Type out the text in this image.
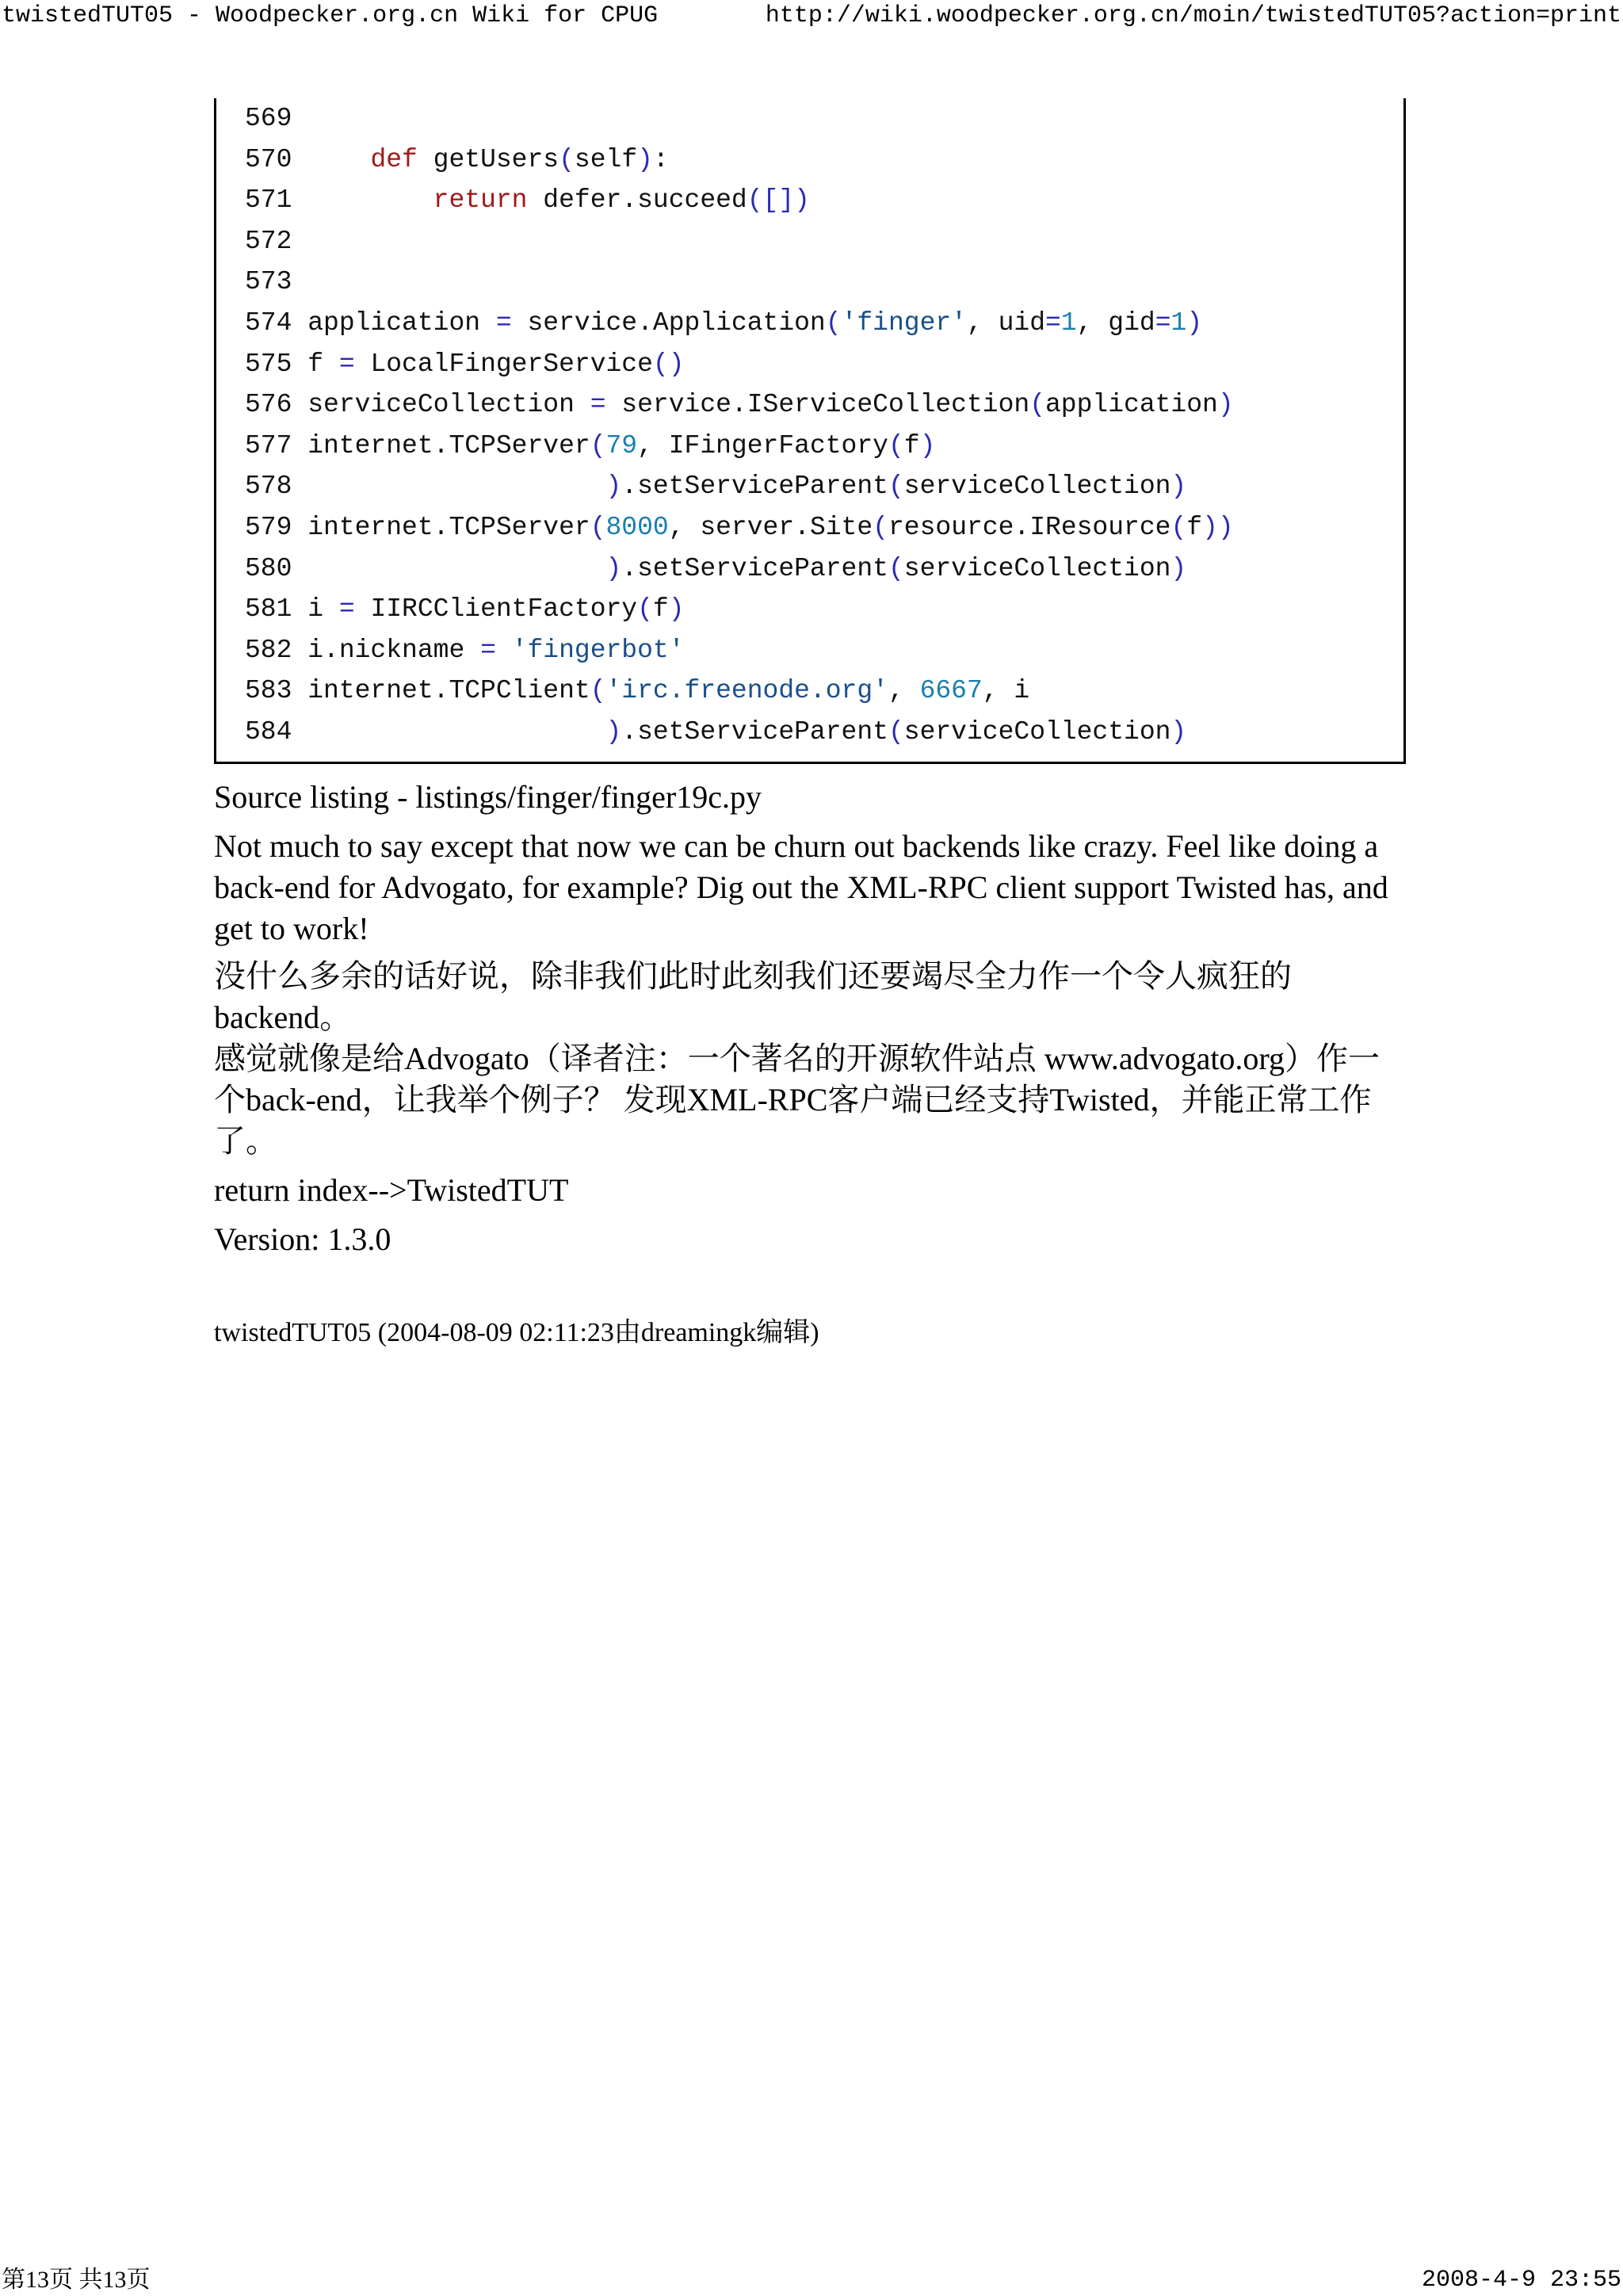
twistedTUT05 - Woodpecker.org.cn Wiki for CPUG	http://wiki.woodpecker.org.cn/moin/twistedTUT05?action=print
569
570     def getUsers(self):
571	return defer.succeed([])
572
573
574 application = service.Application('finger', uid=1, gid=1)
575 f = LocalFingerService()
576 serviceCollection = service.IServiceCollection(application)
577 internet.TCPServer(79, IFingerFactory(f)
578	).setServiceParent(serviceCollection)
579 internet.TCPServer(8000, server.Site(resource.IResource(f))
580	).setServiceParent(serviceCollection)
581 i = IIRCClientFactory(f)
582 i.nickname = 'fingerbot'
583 internet.TCPClient('irc.freenode.org', 6667, i
584	).setServiceParent(serviceCollection)
Source listing - listings/finger/finger19c.py
Not much to say except that now we can be churn out backends like crazy. Feel like doing a back-end for Advogato, for example? Dig out the XML-RPC client support Twisted has, and get to work!
没什么多余的话好说，除非我们此时此刻我们还要竭尽全力作一个令人疯狂的backend。
感觉就像是给Advogato（译者注：一个著名的开源软件站点 www.advogato.org）作一个back-end，让我举个例子？ 发现XML-RPC客户端已经支持Twisted，并能正常工作了。
return index-->TwistedTUT
Version: 1.3.0
twistedTUT05 (2004-08-09 02:11:23由dreamingk编辑)
第13页 共13页	2008-4-9 23:55
